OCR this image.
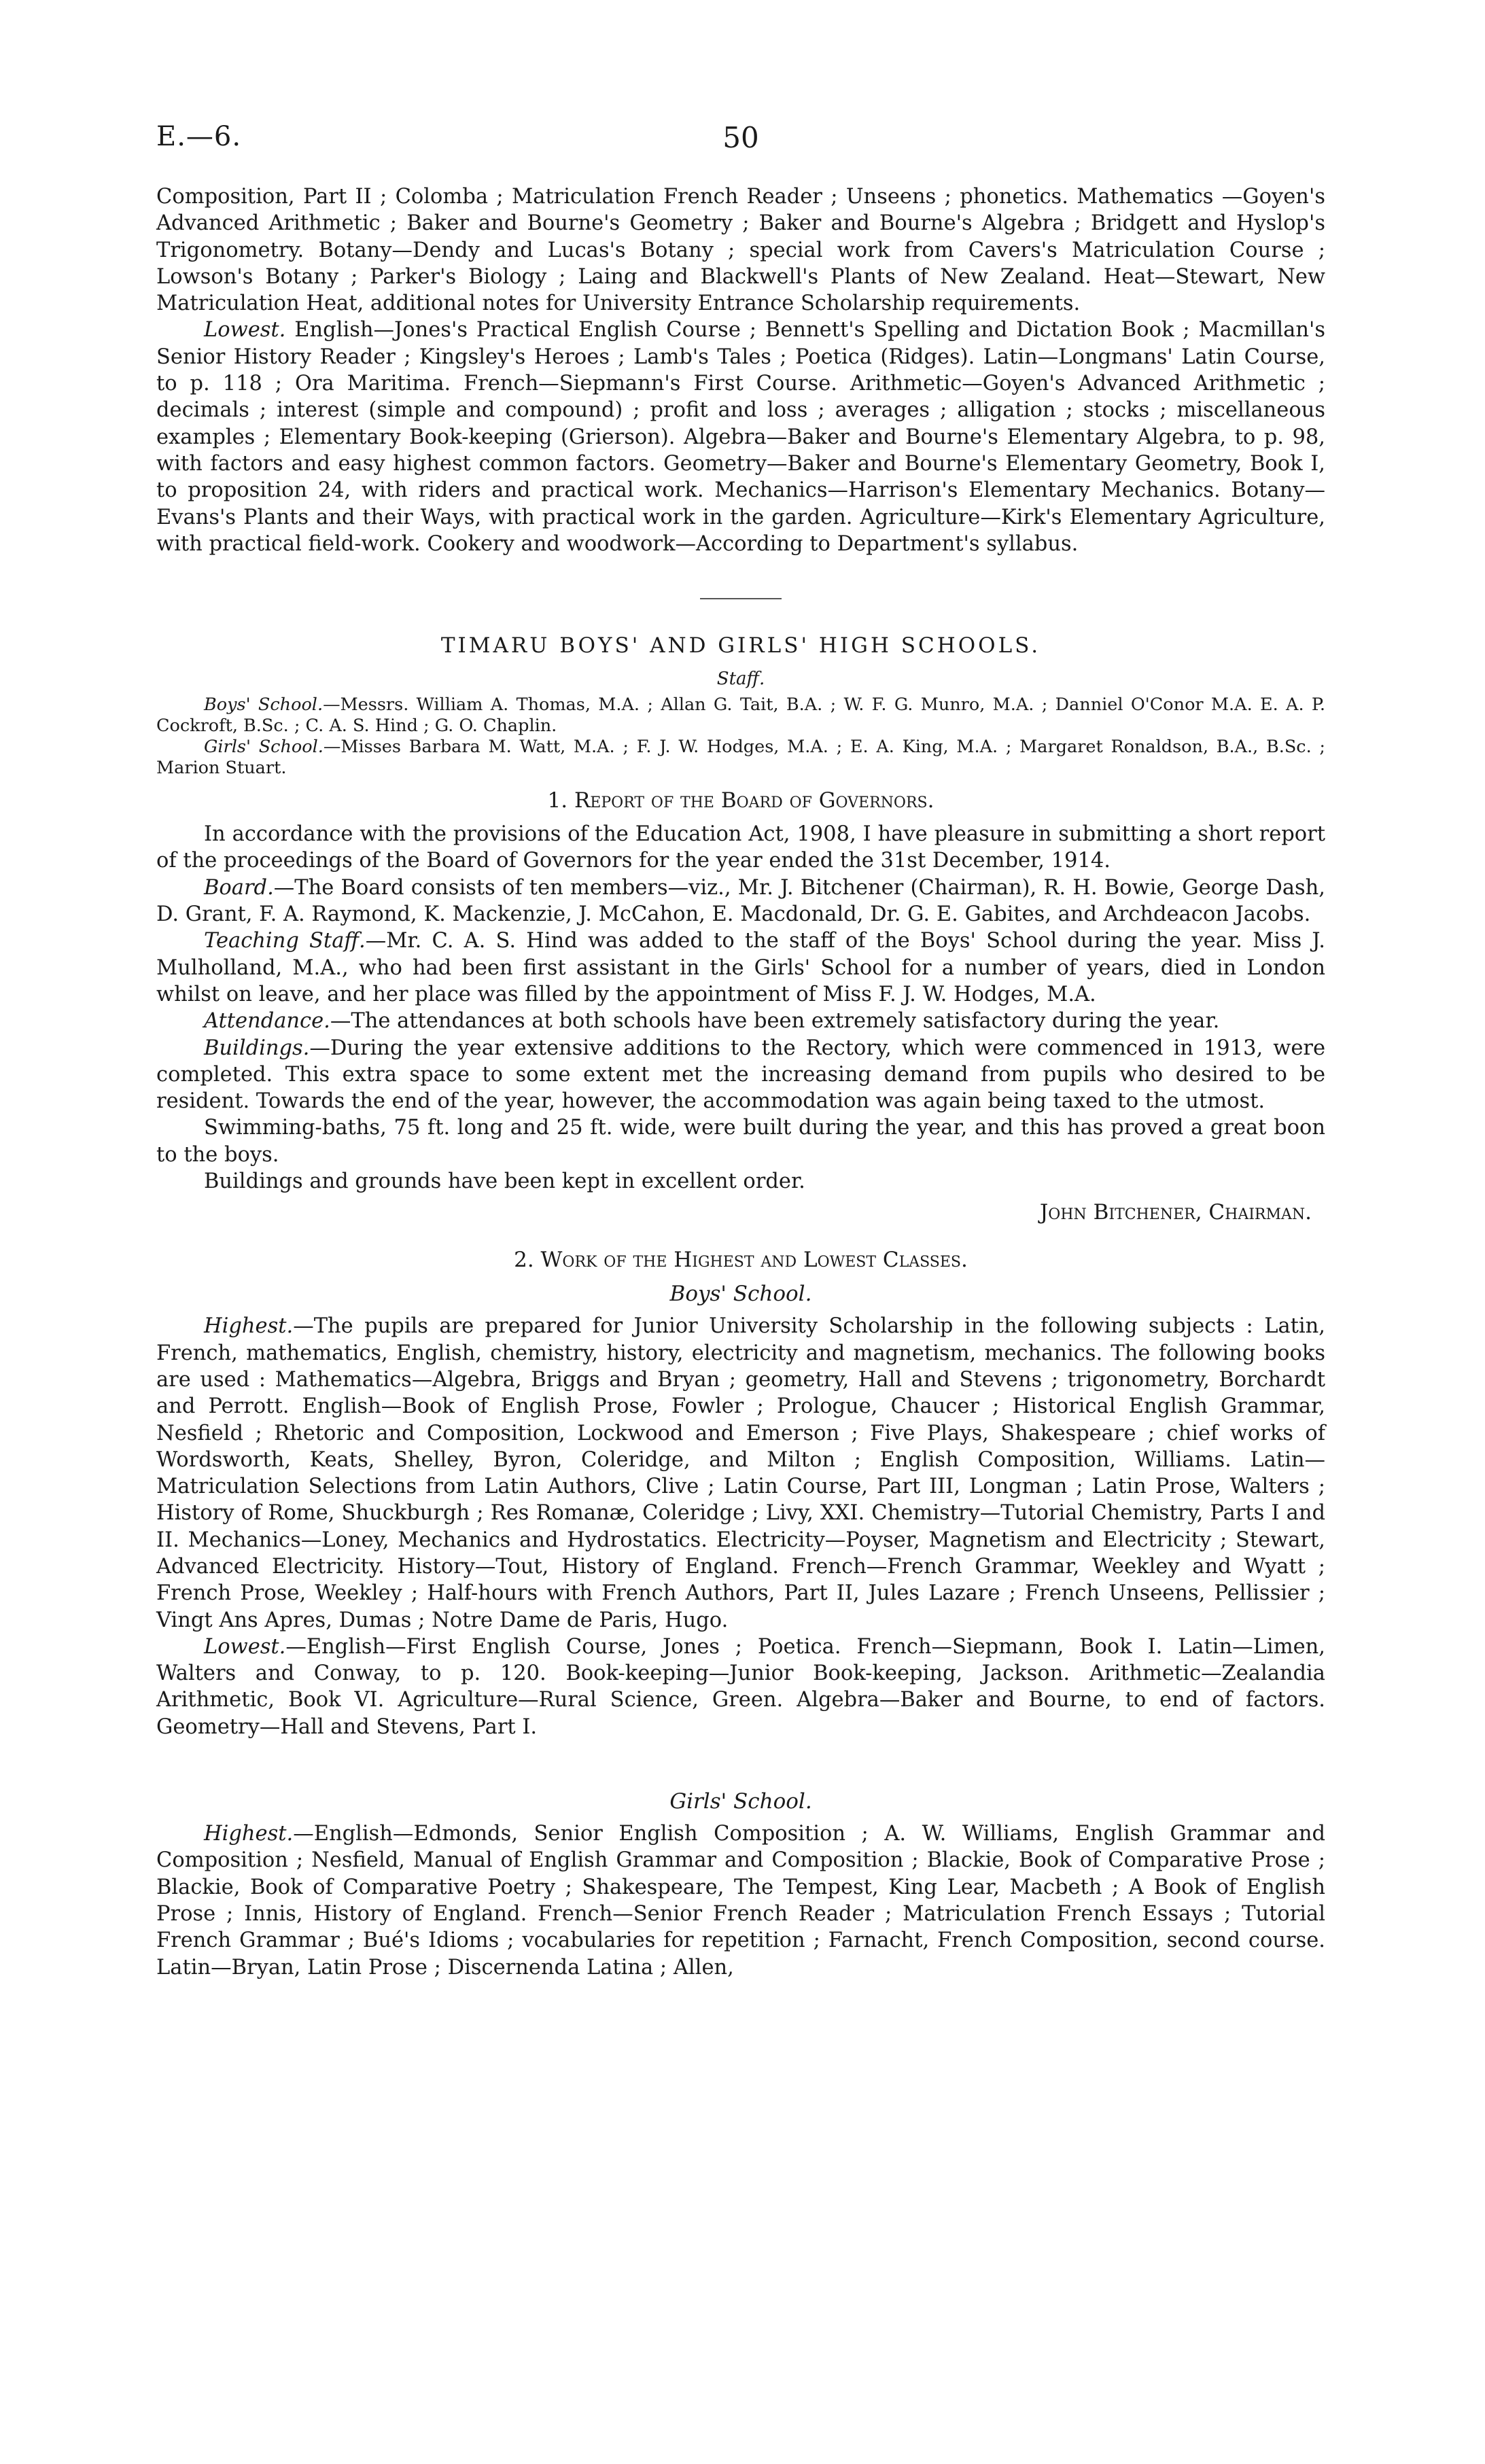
E.—6.	50

Composition, Part II ; Colomba ; Matriculation French Reader ; Unseens ; phonetics. Mathematics —Goyen's Advanced Arithmetic ; Baker and Bourne's Geometry ; Baker and Bourne's Algebra ; Bridgett and Hyslop's Trigonometry. Botany—Dendy and Lucas's Botany ; special work from Cavers's Matriculation Course ; Lowson's Botany ; Parker's Biology ; Laing and Blackwell's Plants of New Zealand. Heat—Stewart, New Matriculation Heat, additional notes for University Entrance Scholarship requirements.

Lowest. English—Jones's Practical English Course ; Bennett's Spelling and Dictation Book ; Macmillan's Senior History Reader ; Kingsley's Heroes ; Lamb's Tales ; Poetica (Ridges). Latin—Longmans' Latin Course, to p. 118 ; Ora Maritima. French—Siepmann's First Course. Arithmetic—Goyen's Advanced Arithmetic ; decimals ; interest (simple and compound) ; profit and loss ; averages ; alligation ; stocks ; miscellaneous examples ; Elementary Book-keeping (Grierson). Algebra—Baker and Bourne's Elementary Algebra, to p. 98, with factors and easy highest common factors. Geometry—Baker and Bourne's Elementary Geometry, Book I, to proposition 24, with riders and practical work. Mechanics—Harrison's Elementary Mechanics. Botany—Evans's Plants and their Ways, with practical work in the garden. Agriculture—Kirk's Elementary Agriculture, with practical field-work. Cookery and woodwork—According to Department's syllabus.

TIMARU BOYS' AND GIRLS' HIGH SCHOOLS.
Staff.

Boys' School.—Messrs. William A. Thomas, M.A. ; Allan G. Tait, B.A. ; W. F. G. Munro, M.A. ; Danniel O'Conor M.A. E. A. P. Cockroft, B.Sc. ; C. A. S. Hind ; G. O. Chaplin.

Girls' School.—Misses Barbara M. Watt, M.A. ; F. J. W. Hodges, M.A. ; E. A. King, M.A. ; Margaret Ronaldson, B.A., B.Sc. ; Marion Stuart.

1. Report of the Board of Governors.

In accordance with the provisions of the Education Act, 1908, I have pleasure in submitting a short report of the proceedings of the Board of Governors for the year ended the 31st December, 1914.

Board.—The Board consists of ten members—viz., Mr. J. Bitchener (Chairman), R. H. Bowie, George Dash, D. Grant, F. A. Raymond, K. Mackenzie, J. McCahon, E. Macdonald, Dr. G. E. Gabites, and Archdeacon Jacobs.

Teaching Staff.—Mr. C. A. S. Hind was added to the staff of the Boys' School during the year. Miss J. Mulholland, M.A., who had been first assistant in the Girls' School for a number of years, died in London whilst on leave, and her place was filled by the appointment of Miss F. J. W. Hodges, M.A.

Attendance.—The attendances at both schools have been extremely satisfactory during the year.

Buildings.—During the year extensive additions to the Rectory, which were commenced in 1913, were completed. This extra space to some extent met the increasing demand from pupils who desired to be resident. Towards the end of the year, however, the accommodation was again being taxed to the utmost.

Swimming-baths, 75 ft. long and 25 ft. wide, were built during the year, and this has proved a great boon to the boys.

Buildings and grounds have been kept in excellent order.

John Bitchener, Chairman.
2. Work of the Highest and Lowest Classes.
Boys' School.

Highest.—The pupils are prepared for Junior University Scholarship in the following subjects : Latin, French, mathematics, English, chemistry, history, electricity and magnetism, mechanics. The following books are used : Mathematics—Algebra, Briggs and Bryan ; geometry, Hall and Stevens ; trigonometry, Borchardt and Perrott. English—Book of English Prose, Fowler ; Prologue, Chaucer ; Historical English Grammar, Nesfield ; Rhetoric and Composition, Lockwood and Emerson ; Five Plays, Shakespeare ; chief works of Wordsworth, Keats, Shelley, Byron, Coleridge, and Milton ; English Composition, Williams. Latin—Matriculation Selections from Latin Authors, Clive ; Latin Course, Part III, Longman ; Latin Prose, Walters ; History of Rome, Shuckburgh ; Res Romanæ, Coleridge ; Livy, XXI. Chemistry—Tutorial Chemistry, Parts I and II. Mechanics—Loney, Mechanics and Hydrostatics. Electricity—Poyser, Magnetism and Electricity ; Stewart, Advanced Electricity. History—Tout, History of England. French—French Grammar, Weekley and Wyatt ; French Prose, Weekley ; Half-hours with French Authors, Part II, Jules Lazare ; French Unseens, Pellissier ; Vingt Ans Apres, Dumas ; Notre Dame de Paris, Hugo.

Lowest.—English—First English Course, Jones ; Poetica. French—Siepmann, Book I. Latin—Limen, Walters and Conway, to p. 120. Book-keeping—Junior Book-keeping, Jackson. Arithmetic—Zealandia Arithmetic, Book VI. Agriculture—Rural Science, Green. Algebra—Baker and Bourne, to end of factors. Geometry—Hall and Stevens, Part I.

Girls' School.

Highest.—English—Edmonds, Senior English Composition ; A. W. Williams, English Grammar and Composition ; Nesfield, Manual of English Grammar and Composition ; Blackie, Book of Comparative Prose ; Blackie, Book of Comparative Poetry ; Shakespeare, The Tempest, King Lear, Macbeth ; A Book of English Prose ; Innis, History of England. French—Senior French Reader ; Matriculation French Essays ; Tutorial French Grammar ; Bué's Idioms ; vocabularies for repetition ; Farnacht, French Composition, second course. Latin—Bryan, Latin Prose ; Discernenda Latina ; Allen,
